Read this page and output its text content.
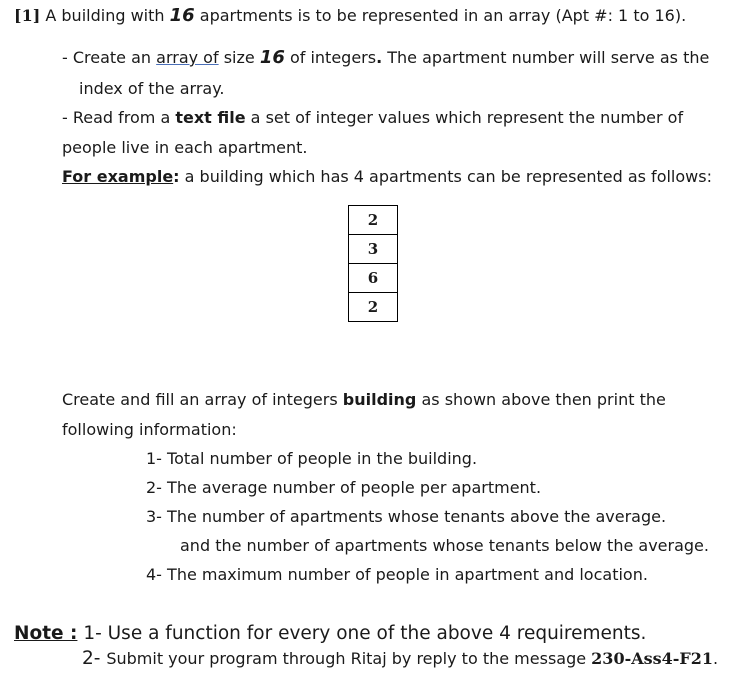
[1] A building with 16 apartments is to be represented in an array (Apt #: 1 to 16).
- Create an array of size 16 of integers. The apartment number will serve as the
index of the array.
- Read from a text file a set of integer values which represent the number of
people live in each apartment.
For example: a building which has 4 apartments can be represented as follows:
2
3
6
2
Create and fill an array of integers building as shown above then print the
following information:
1- Total number of people in the building.
2- The average number of people per apartment.
3- The number of apartments whose tenants above the average.
and the number of apartments whose tenants below the average.
4- The maximum number of people in apartment and location.
Note : 1- Use a function for every one of the above 4 requirements.
2- Submit your program through Ritaj by reply to the message 230-Ass4-F21.
